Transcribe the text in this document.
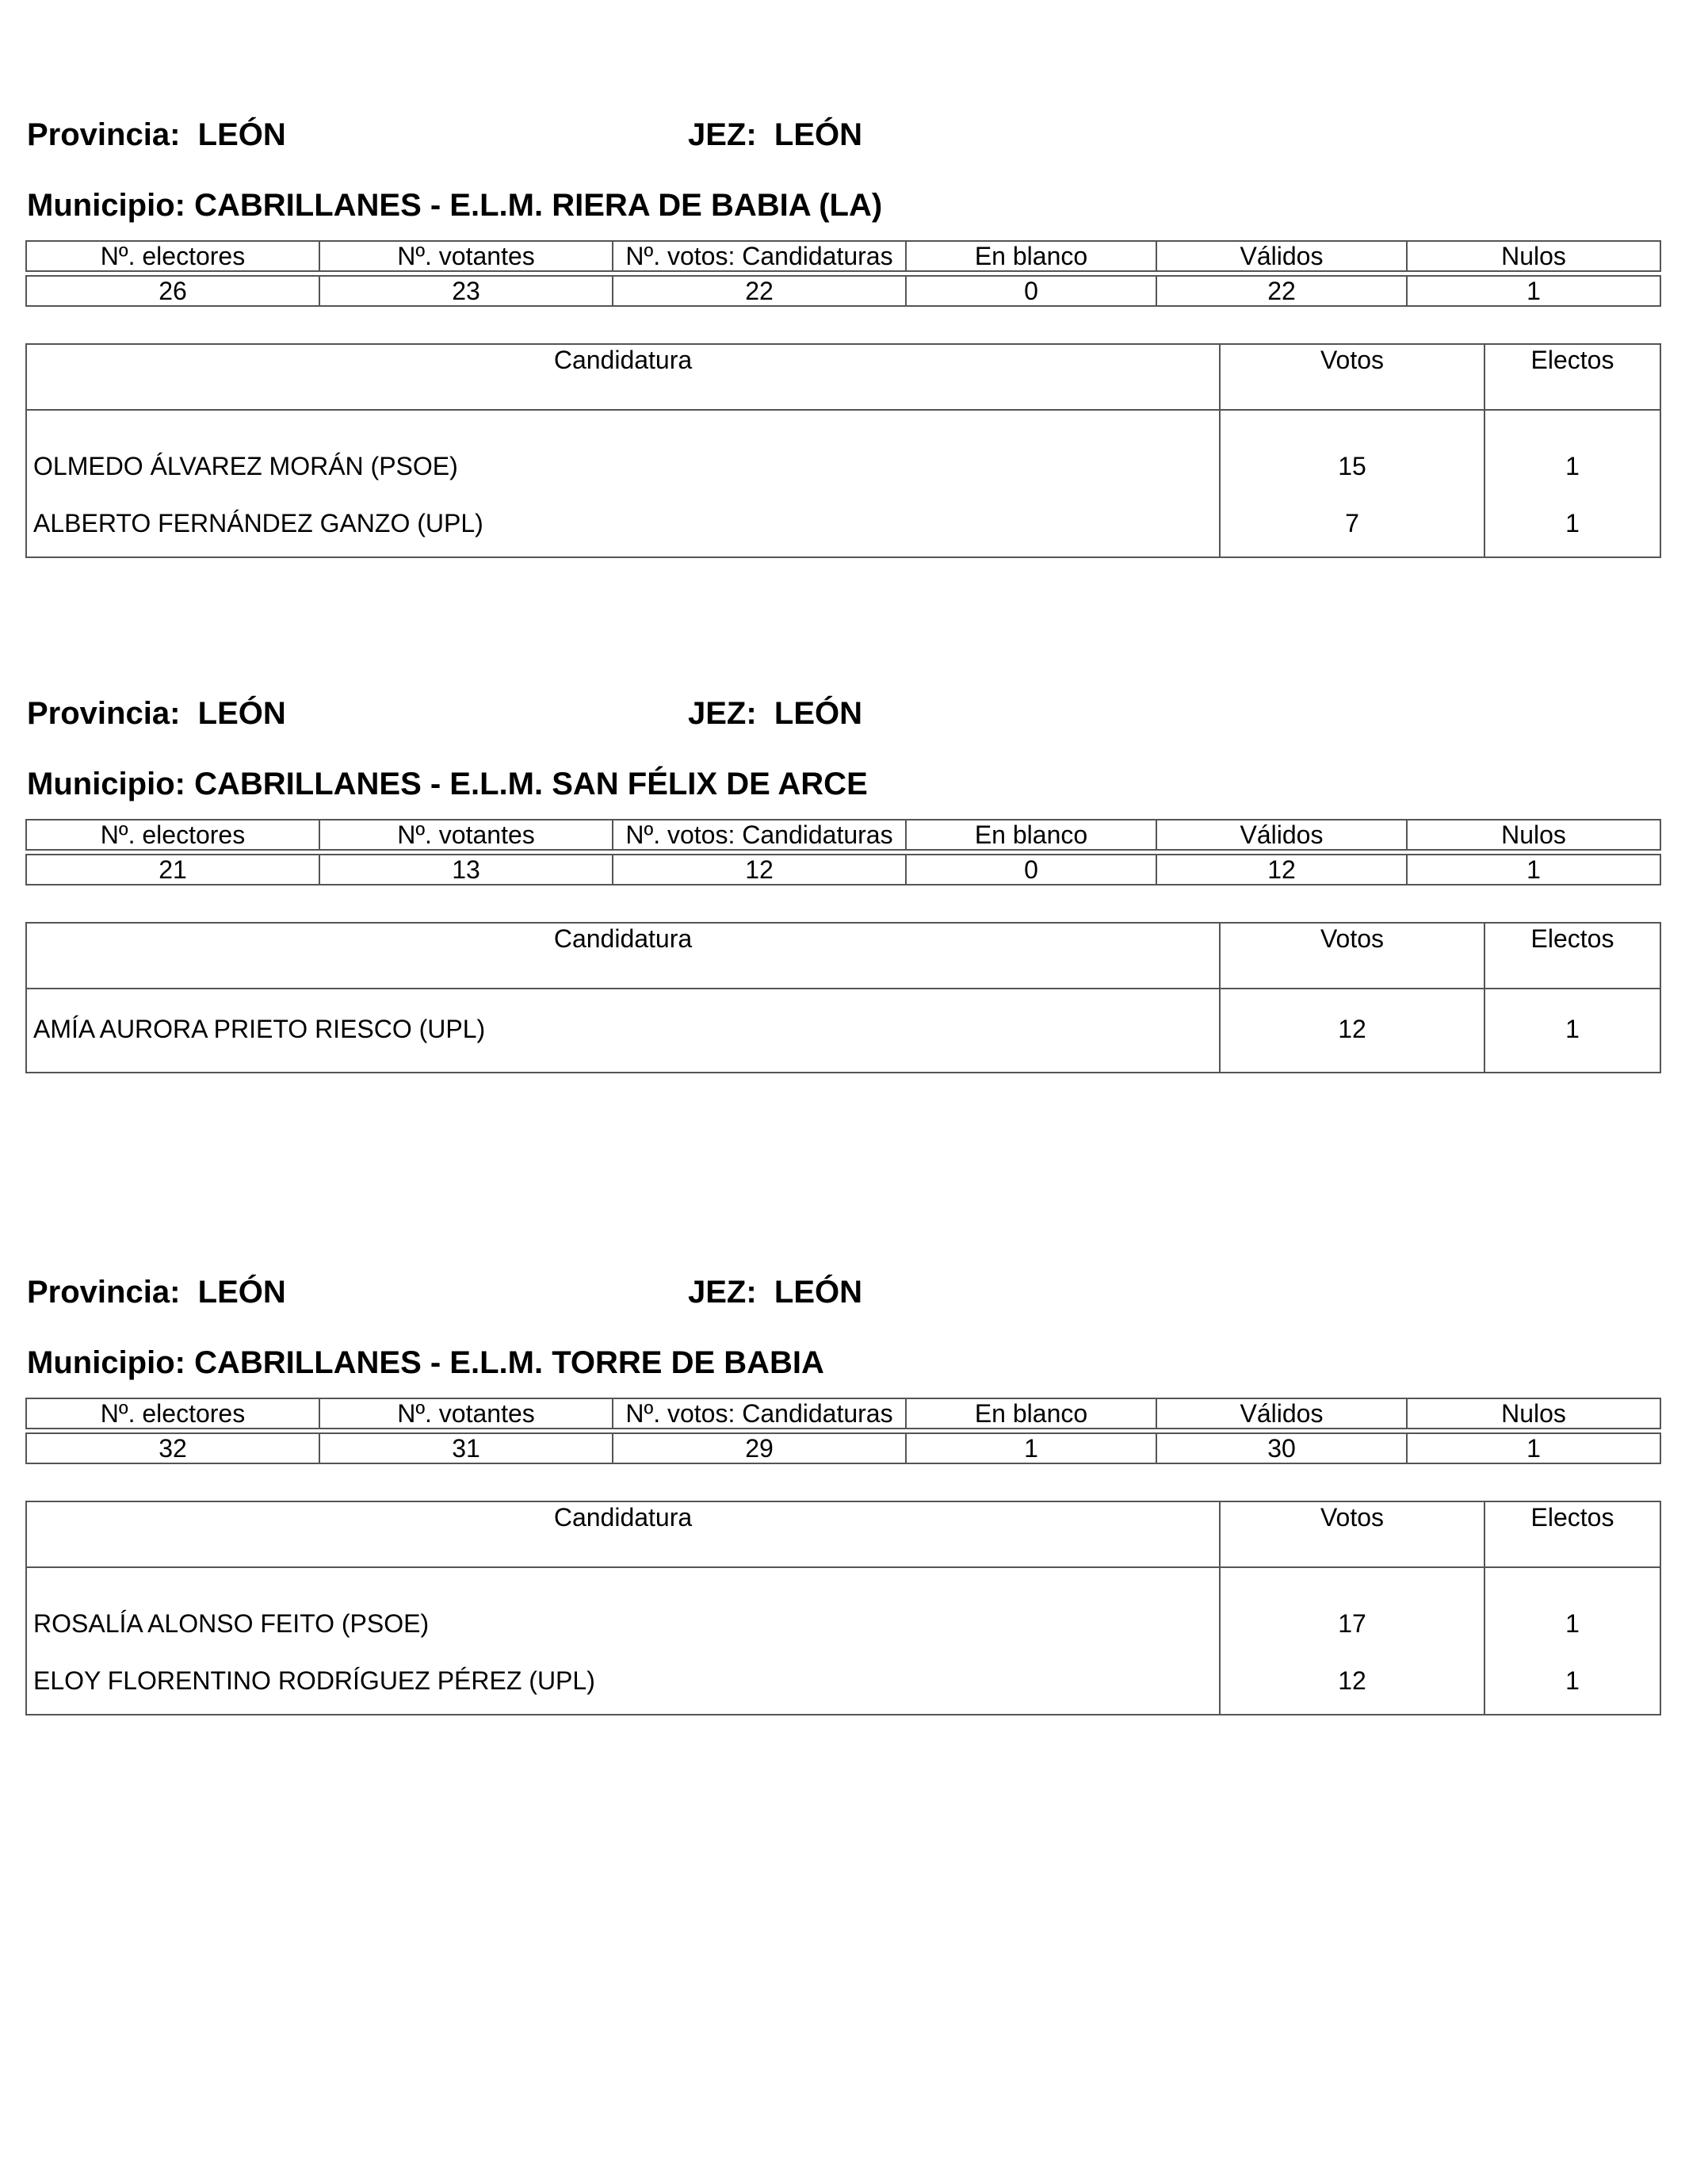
Provincia: LEÓN	JEZ: LEÓN
Municipio: CABRILLANES - E.L.M. RIERA DE BABIA (LA)
Nº. electores	Nº. votantes	Nº. votos: Candidaturas	En blanco	Válidos	Nulos

26	23	22	0	22	1
Candidatura	Votos	Electos
OLMEDO ÁLVAREZ MORÁN (PSOE)	15	1
ALBERTO FERNÁNDEZ GANZO (UPL)	7	1
Provincia: LEÓN	JEZ: LEÓN
Municipio: CABRILLANES - E.L.M. SAN FÉLIX DE ARCE
Nº. electores	Nº. votantes	Nº. votos: Candidaturas	En blanco	Válidos	Nulos

21	13	12	0	12	1
Candidatura	Votos	Electos
AMÍA AURORA PRIETO RIESCO (UPL)	12	1
Provincia: LEÓN	JEZ: LEÓN
Municipio: CABRILLANES - E.L.M. TORRE DE BABIA
Nº. electores	Nº. votantes	Nº. votos: Candidaturas	En blanco	Válidos	Nulos

32	31	29	1	30	1
Candidatura	Votos	Electos
ROSALÍA ALONSO FEITO (PSOE)	17	1
ELOY FLORENTINO RODRÍGUEZ PÉREZ (UPL)	12	1
